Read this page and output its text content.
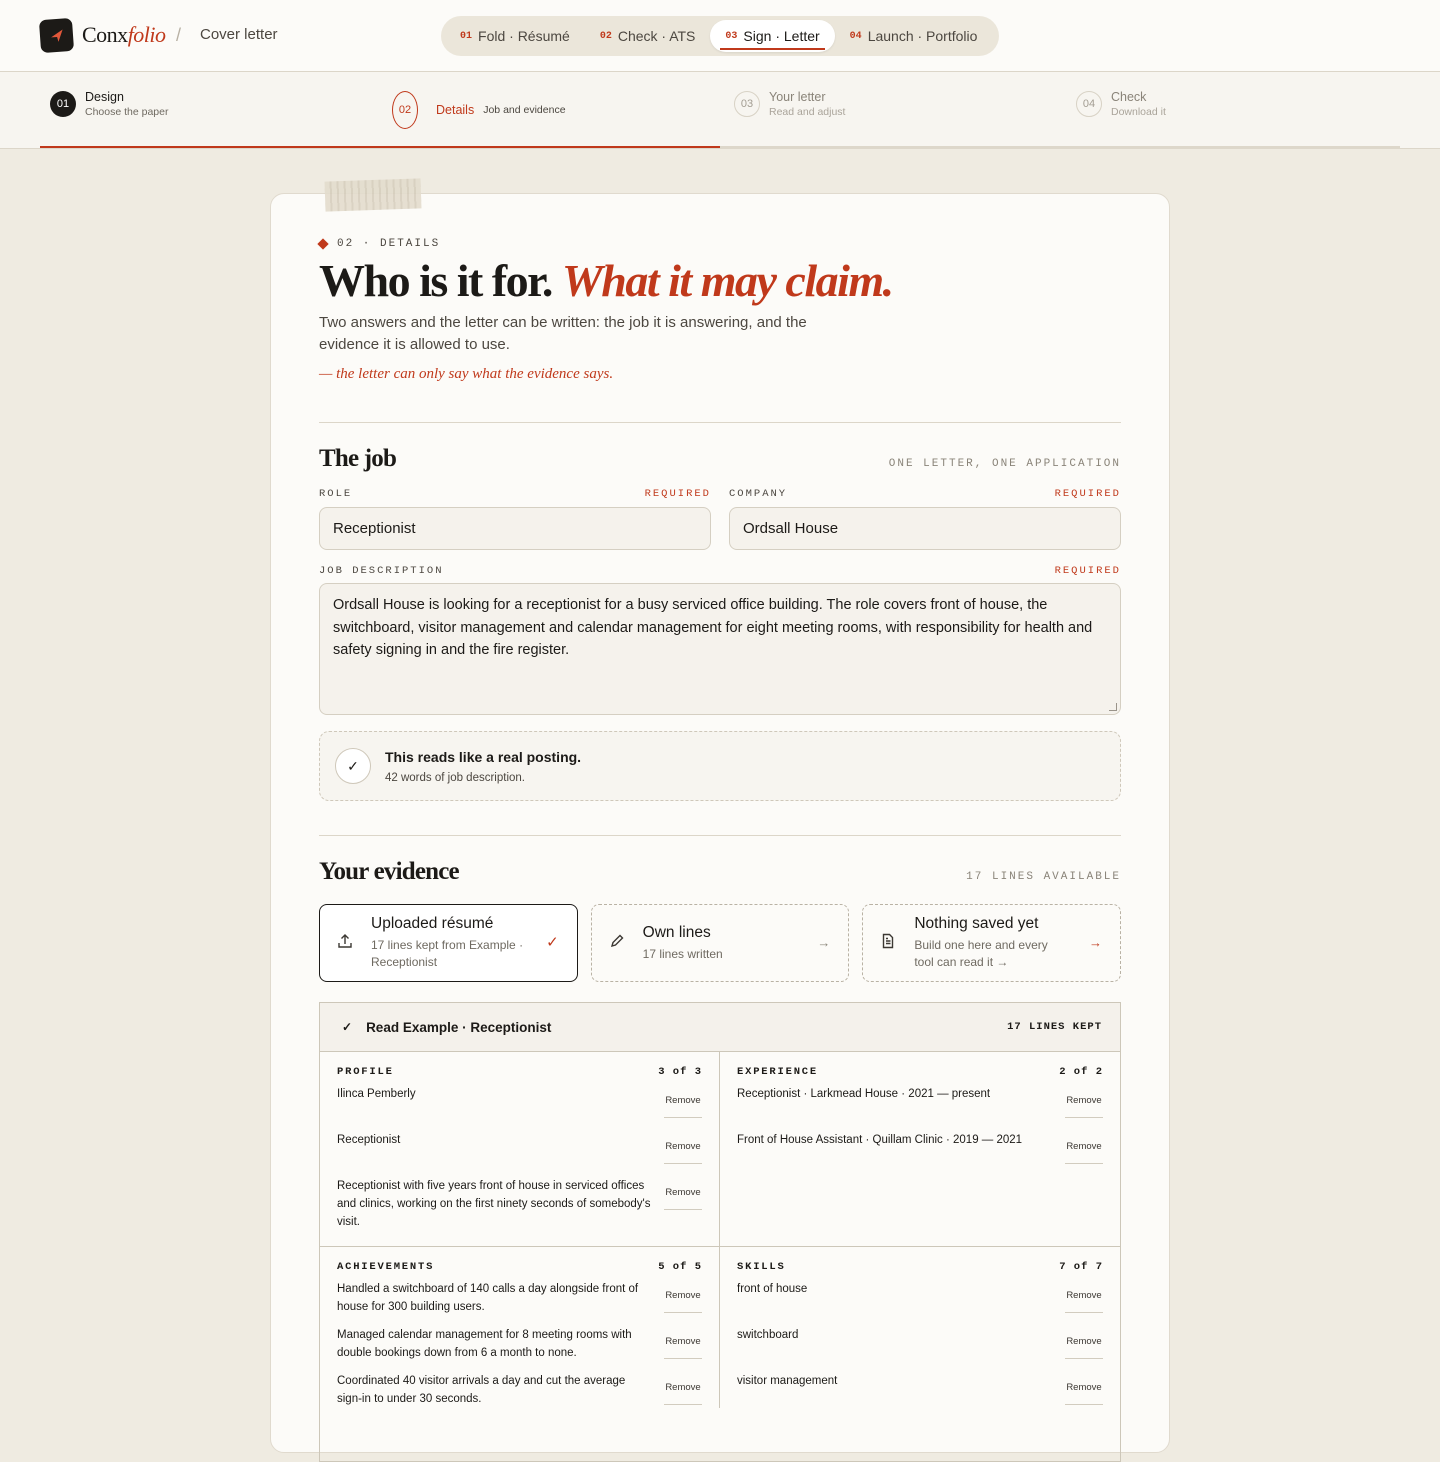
Conxfolio / Cover letter	01 Fold · Résumé	02 Check · ATS	03 Sign · Letter	04 Launch · Portfolio
01	Design
Choose the paper	02	Details Job and evidence	03	Your letter
Read and adjust
04	Check
Download it
02 · DETAILS
Who is it for. What it may claim.

Two answers and the letter can be written: the job it is answering, and the evidence it is allowed to use.

— the letter can only say what the evidence says.

The job	ONE LETTER, ONE APPLICATION
ROLE	REQUIRED
Receptionist
COMPANY	REQUIRED
Ordsall House
JOB DESCRIPTION	REQUIRED
Ordsall House is looking for a receptionist for a busy serviced office building. The role covers front of house, the switchboard, visitor management and calendar management for eight meeting rooms, with responsibility for health and safety signing in and the fire register.
✓
This reads like a real posting.
42 words of job description.
Your evidence	17 LINES AVAILABLE
Uploaded résumé
17 lines kept from Example · Receptionist
✓
Own lines
17 lines written
→
Nothing saved yet
Build one here and every tool can read it →
→
✓ Read Example · Receptionist	17 LINES KEPT
PROFILE	3 of 3
Ilinca Pemberly
Remove
Receptionist
Remove
Receptionist with five years front of house in serviced offices and clinics, working on the first ninety seconds of somebody's visit.
Remove
EXPERIENCE	2 of 2
Receptionist · Larkmead House · 2021 — present
Remove
Front of House Assistant · Quillam Clinic · 2019 — 2021
Remove
ACHIEVEMENTS	5 of 5
Handled a switchboard of 140 calls a day alongside front of house for 300 building users.
Remove
Managed calendar management for 8 meeting rooms with double bookings down from 6 a month to none.
Remove
Coordinated 40 visitor arrivals a day and cut the average sign-in to under 30 seconds.
Remove
SKILLS	7 of 7
front of house
Remove
switchboard
Remove
visitor management
Remove
